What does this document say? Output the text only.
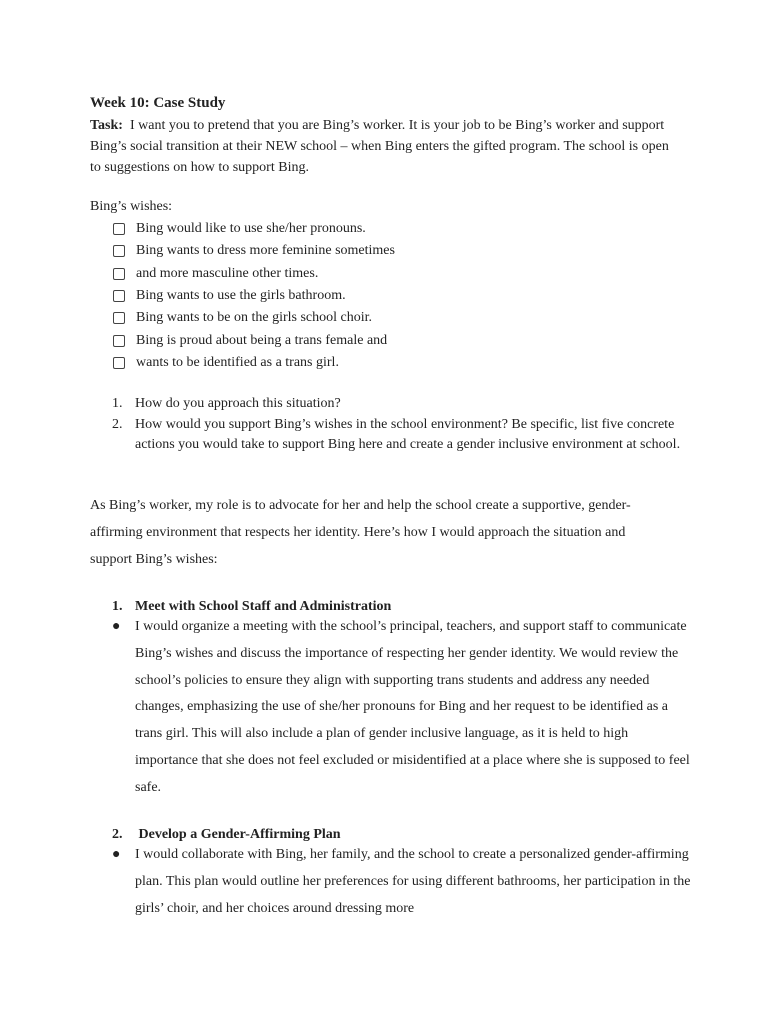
Week 10: Case Study
Task: I want you to pretend that you are Bing’s worker. It is your job to be Bing’s worker and support Bing’s social transition at their NEW school – when Bing enters the gifted program. The school is open to suggestions on how to support Bing.
Bing’s wishes:
Bing would like to use she/her pronouns.
Bing wants to dress more feminine sometimes
and more masculine other times.
Bing wants to use the girls bathroom.
Bing wants to be on the girls school choir.
Bing is proud about being a trans female and
wants to be identified as a trans girl.
1. How do you approach this situation?
2. How would you support Bing’s wishes in the school environment? Be specific, list five concrete actions you would take to support Bing here and create a gender inclusive environment at school.
As Bing’s worker, my role is to advocate for her and help the school create a supportive, gender-affirming environment that respects her identity. Here’s how I would approach the situation and support Bing’s wishes:
1. Meet with School Staff and Administration
●	I would organize a meeting with the school’s principal, teachers, and support staff to communicate Bing’s wishes and discuss the importance of respecting her gender identity. We would review the school’s policies to ensure they align with supporting trans students and address any needed changes, emphasizing the use of she/her pronouns for Bing and her request to be identified as a trans girl. This will also include a plan of gender inclusive language, as it is held to high importance that she does not feel excluded or misidentified at a place where she is supposed to feel safe.
2. Develop a Gender-Affirming Plan
●	I would collaborate with Bing, her family, and the school to create a personalized gender-affirming plan. This plan would outline her preferences for using different bathrooms, her participation in the girls’ choir, and her choices around dressing more
